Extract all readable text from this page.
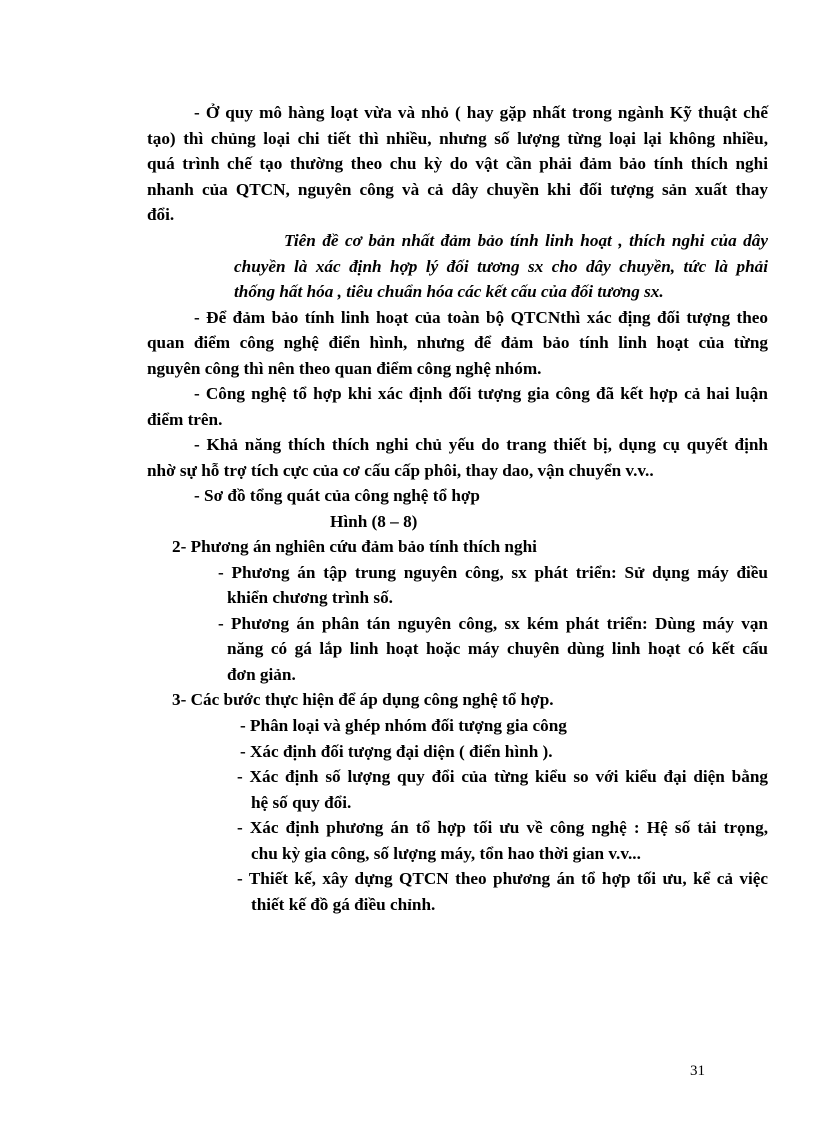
- Ở quy mô hàng loạt vừa và nhỏ ( hay gặp nhất trong ngành Kỹ thuật chế

tạo) thì chủng loại chi tiết thì nhiều, nhưng số lượng từng loại lại không nhiều,

quá trình chế tạo thường theo chu kỳ do vật cần phải đảm bảo tính thích nghi

nhanh của QTCN, nguyên công và cả dây chuyền khi đối tượng sản xuất thay

đổi.

Tiên đề cơ bản nhất đảm bảo tính linh hoạt , thích nghi của dây

chuyền là xác định hợp lý đối tương sx cho dây chuyền, tức là phải

thống hất hóa , tiêu chuẩn hóa các kết cấu của đối tương sx.

- Để đảm bảo tính linh hoạt của toàn bộ QTCNthì xác địng đối tượng theo

quan điểm công nghệ điển hình, nhưng để đảm bảo tính linh hoạt của từng

nguyên công thì nên theo quan điểm công nghệ nhóm.

- Công nghệ tổ hợp khi xác định đối tượng gia công đã kết hợp cả hai luận

điểm trên.

- Khả năng thích thích nghi chủ yếu do trang thiết bị, dụng cụ quyết định

nhờ sự hỗ trợ tích cực của cơ cấu cấp phôi, thay dao, vận chuyển v.v..

- Sơ đồ tổng quát của công nghệ tổ hợp

Hình (8 – 8)

2- Phương án nghiên cứu đảm bảo tính thích nghi

- Phương án tập trung nguyên công, sx phát triển: Sử dụng máy điều

khiển chương trình số.

- Phương án phân tán nguyên công, sx kém phát triển: Dùng máy vạn

năng có gá lắp linh hoạt hoặc máy chuyên dùng linh hoạt có kết cấu

đơn giản.

3- Các bước thực hiện để áp dụng công nghệ tổ hợp.

- Phân loại và ghép nhóm đối tượng gia công

- Xác định đối tượng đại diện ( điển hình ).

- Xác định số lượng quy đổi của từng kiểu so với kiểu đại diện bằng

hệ số quy đổi.

- Xác định phương án tổ hợp tối ưu về công nghệ : Hệ số tải trọng,

chu kỳ gia công, số lượng máy, tổn hao thời gian v.v...

- Thiết kế, xây dựng QTCN theo phương án tổ hợp tối ưu, kể cả việc

thiết kế đồ gá điều chỉnh.

31
